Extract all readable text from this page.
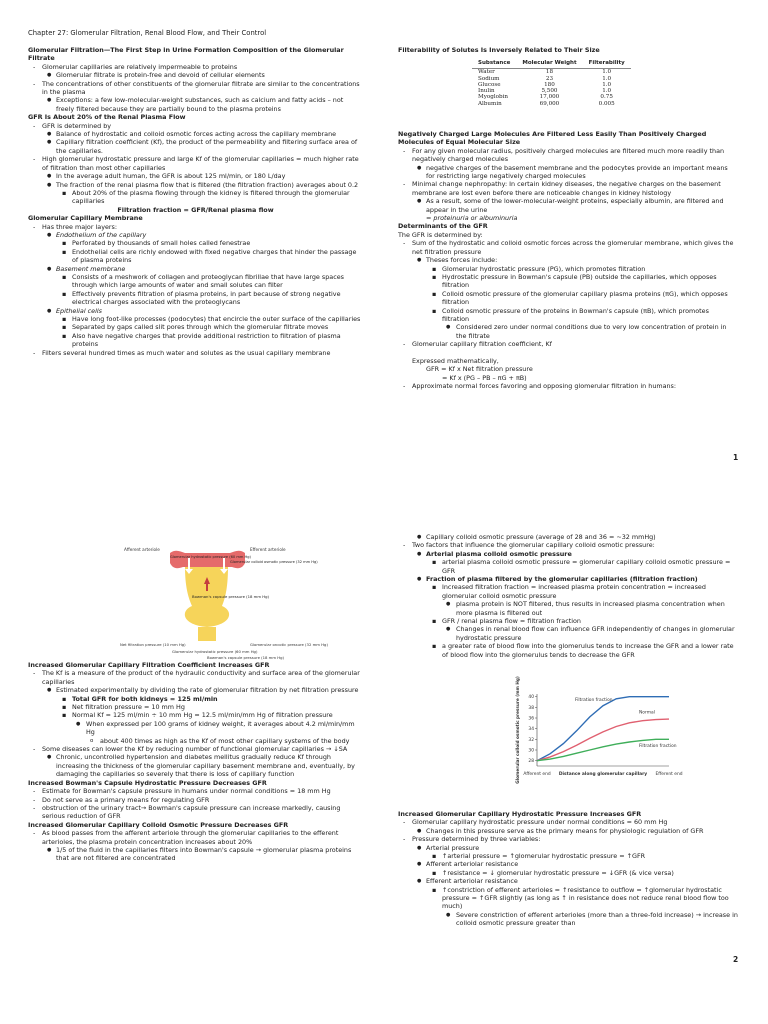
Chapter 27: Glomerular Filtration, Renal Blood Flow, and Their Control

Glomerular Filtration—The First Step in Urine Formation Composition of the Glomerular Filtrate

- Glomerular capillaries are relatively impermeable to proteins

● Glomerular filtrate is protein-free and devoid of cellular elements

- The concentrations of other constituents of the glomerular filtrate are similar to the concentrations in the plasma

● Exceptions: a few low-molecular-weight substances, such as calcium and fatty acids – not freely filtered because they are partially bound to the plasma proteins

GFR Is About 20% of the Renal Plasma Flow

- GFR is determined by

● Balance of hydrostatic and colloid osmotic forces acting across the capillary membrane

● Capillary filtration coefficient (Kf), the product of the permeability and filtering surface area of the capillaries.

- High glomerular hydrostatic pressure and large Kf of the glomerular capillaries = much higher rate of filtration than most other capillaries

● In the average adult human, the GFR is about 125 ml/min, or 180 L/day

● The fraction of the renal plasma flow that is filtered (the filtration fraction) averages about 0.2

▪ About 20% of the plasma flowing through the kidney is filtered through the glomerular capillaries

Filtration fraction = GFR/Renal plasma flow

Glomerular Capillary Membrane

- Has three major layers:

● Endothelium of the capillary

▪ Perforated by thousands of small holes called fenestrae

▪ Endothelial cells are richly endowed with fixed negative charges that hinder the passage of plasma proteins

● Basement membrane

▪ Consists of a meshwork of collagen and proteoglycan fibrillae that have large spaces through which large amounts of water and small solutes can filter

▪ Effectively prevents filtration of plasma proteins, in part because of strong negative electrical charges associated with the proteoglycans

● Epithelial cells

▪ Have long foot-like processes (podocytes) that encircle the outer surface of the capillaries

▪ Separated by gaps called slit pores through which the glomerular filtrate moves

▪ Also have negative charges that provide additional restriction to filtration of plasma proteins

- Filters several hundred times as much water and solutes as the usual capillary membrane

Filterability of Solutes Is Inversely Related to Their Size
Substance	Molecular Weight	Filterability
Water	18	1.0
Sodium	23	1.0
Glucose	180	1.0
Inulin	5,500	1.0
Myoglobin	17,000	0.75
Albumin	69,000	0.005

Negatively Charged Large Molecules Are Filtered Less Easily Than Positively Charged Molecules of Equal Molecular Size

- For any given molecular radius, positively charged molecules are filtered much more readily than negatively charged molecules

● negative charges of the basement membrane and the podocytes provide an important means for restricting large negatively charged molecules

- Minimal change nephropathy: In certain kidney diseases, the negative charges on the basement membrane are lost even before there are noticeable changes in kidney histology

● As a result, some of the lower-molecular-weight proteins, especially albumin, are filtered and appear in the urine

= proteinuria or albuminuria

Determinants of the GFR

The GFR is determined by:

- Sum of the hydrostatic and colloid osmotic forces across the glomerular membrane, which gives the net filtration pressure

● Theses forces include:

▪ Glomerular hydrostatic pressure (PG), which promotes filtration

▪ Hydrostatic pressure in Bowman's capsule (PB) outside the capillaries, which opposes filtration

▪ Colloid osmotic pressure of the glomerular capillary plasma proteins (πG), which opposes filtration

▪ Colloid osmotic pressure of the proteins in Bowman's capsule (πB), which promotes filtration

● Considered zero under normal conditions due to very low concentration of protein in the filtrate

- Glomerular capillary filtration coefficient, Kf

Expressed mathematically,

GFR = Kf x Net filtration pressure

= Kf x (PG – PB – πG + πB)

- Approximate normal forces favoring and opposing glomerular filtration in humans:

1
Afferent arteriole	Efferent arteriole
Glomerular hydrostatic pressure (60 mm Hg)
Bowman's capsule pressure (18 mm Hg)
Net filtration pressure (10 mm Hg)
Glomerular hydrostatic pressure (60 mm Hg)
Bowman's capsule pressure (18 mm Hg)
Glomerular oncotic pressure (32 mm Hg)
Glomerular colloid osmotic pressure (32 mm Hg)

Increased Glomerular Capillary Filtration Coefficient Increases GFR

- The Kf is a measure of the product of the hydraulic conductivity and surface area of the glomerular capillaries

● Estimated experimentally by dividing the rate of glomerular filtration by net filtration pressure

▪ Total GFR for both kidneys = 125 ml/min

▪ Net filtration pressure = 10 mm Hg

▪ Normal Kf = 125 ml/min ÷ 10 mm Hg = 12.5 ml/min/mm Hg of filtration pressure

● When expressed per 100 grams of kidney weight, it averages about 4.2 ml/min/mm Hg

o about 400 times as high as the Kf of most other capillary systems of the body

- Some diseases can lower the Kf by reducing number of functional glomerular capillaries → ↓SA

● Chronic, uncontrolled hypertension and diabetes mellitus gradually reduce Kf through increasing the thickness of the glomerular capillary basement membrane and, eventually, by damaging the capillaries so severely that there is loss of capillary function

Increased Bowman's Capsule Hydrostatic Pressure Decreases GFR

- Estimate for Bowman's capsule pressure in humans under normal conditions = 18 mm Hg

- Do not serve as a primary means for regulating GFR

- obstruction of the urinary tract→ Bowman's capsule pressure can increase markedly, causing serious reduction of GFR

Increased Glomerular Capillary Colloid Osmotic Pressure Decreases GFR

- As blood passes from the afferent arteriole through the glomerular capillaries to the efferent arterioles, the plasma protein concentration increases about 20%

● 1/5 of the fluid in the capillaries filters into Bowman's capsule → glomerular plasma proteins that are not filtered are concentrated

● Capillary colloid osmotic pressure (average of 28 and 36 = ~32 mmHg)

- Two factors that influence the glomerular capillary colloid osmotic pressure:

● Arterial plasma colloid osmotic pressure

▪ arterial plasma colloid osmotic pressure = glomerular capillary colloid osmotic pressure = GFR

● Fraction of plasma filtered by the glomerular capillaries (filtration fraction)

▪ Increased filtration fraction = increased plasma protein concentration = increased glomerular colloid osmotic pressure

● plasma protein is NOT filtered, thus results in increased plasma concentration when more plasma is filtered out

▪ GFR / renal plasma flow = filtration fraction

● Changes in renal blood flow can influence GFR independently of changes in glomerular hydrostatic pressure

▪ a greater rate of blood flow into the glomerulus tends to increase the GFR and a lower rate of blood flow into the glomerulus tends to decrease the GFR

28
30
32
34
36
38
40
Glomerular colloid osmotic pressure (mm Hg) Afferent end Distance along glomerular capillary Efferent end
Filtration fraction
Normal
Filtration fraction

Increased Glomerular Capillary Hydrostatic Pressure Increases GFR

- Glomerular capillary hydrostatic pressure under normal conditions = 60 mm Hg

● Changes in this pressure serve as the primary means for physiologic regulation of GFR

- Pressure determined by three variables:

● Arterial pressure

▪ ↑arterial pressure = ↑glomerular hydrostatic pressure = ↑GFR

● Afferent arteriolar resistance

▪ ↑resistance = ↓ glomerular hydrostatic pressure = ↓GFR (& vice versa)

● Efferent arteriolar resistance

▪ ↑constriction of efferent arterioles = ↑resistance to outflow = ↑glomerular hydrostatic pressure = ↑GFR slightly (as long as ↑ in resistance does not reduce renal blood flow too much)

● Severe constriction of efferent arterioles (more than a three-fold increase) → increase in colloid osmotic pressure greater than

2
